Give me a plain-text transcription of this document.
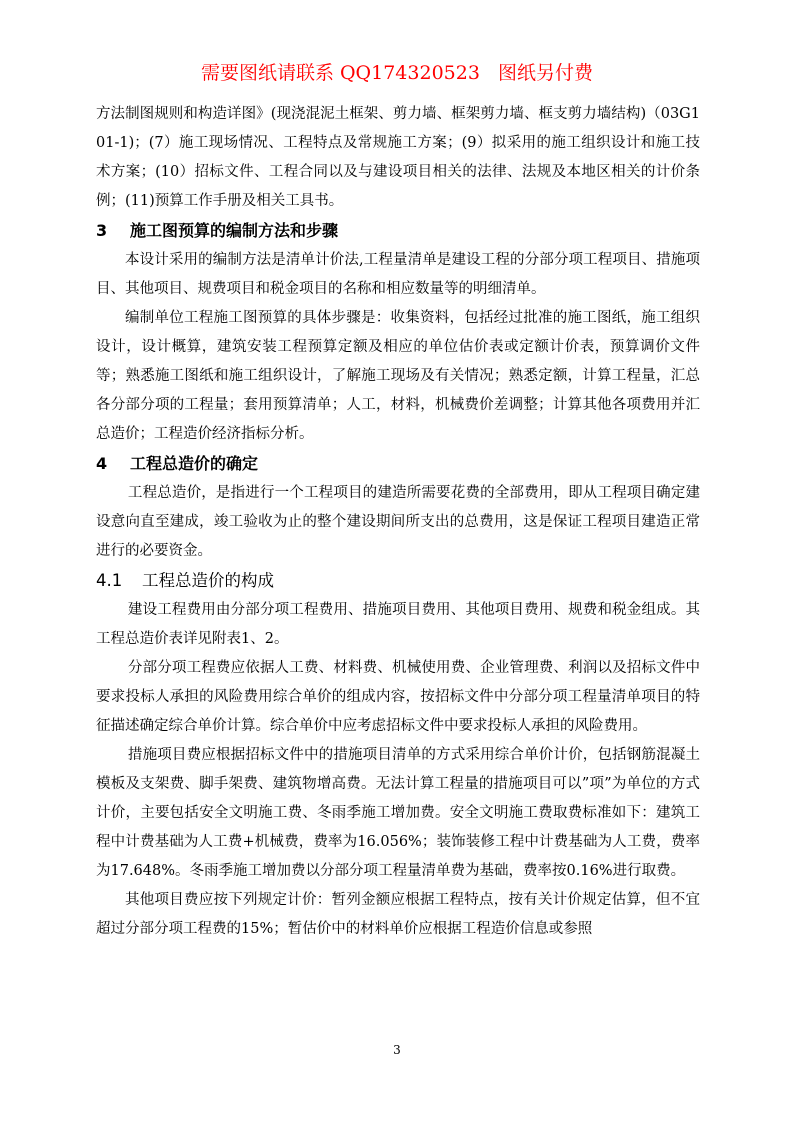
需要图纸请联系 QQ174320523   图纸另付费

方法制图规则和构造详图》(现浇混泥土框架、剪力墙、框架剪力墙、框支剪力墙结构)（03G101-1)；(7）施工现场情况、工程特点及常规施工方案；(9）拟采用的施工组织设计和施工技术方案；(10）招标文件、工程合同以及与建设项目相关的法律、法规及本地区相关的计价条例；(11)预算工作手册及相关工具书。

3 施工图预算的编制方法和步骤

本设计采用的编制方法是清单计价法,工程量清单是建设工程的分部分项工程项目、措施项目、其他项目、规费项目和税金项目的名称和相应数量等的明细清单。

编制单位工程施工图预算的具体步骤是：收集资料，包括经过批准的施工图纸，施工组织设计，设计概算，建筑安装工程预算定额及相应的单位估价表或定额计价表，预算调价文件等；熟悉施工图纸和施工组织设计，了解施工现场及有关情况；熟悉定额，计算工程量，汇总各分部分项的工程量；套用预算清单；人工，材料，机械费价差调整；计算其他各项费用并汇总造价；工程造价经济指标分析。

4 工程总造价的确定

工程总造价，是指进行一个工程项目的建造所需要花费的全部费用，即从工程项目确定建设意向直至建成，竣工验收为止的整个建设期间所支出的总费用，这是保证工程项目建造正常进行的必要资金。

4.1 工程总造价的构成

建设工程费用由分部分项工程费用、措施项目费用、其他项目费用、规费和税金组成。其工程总造价表详见附表1、2。

分部分项工程费应依据人工费、材料费、机械使用费、企业管理费、利润以及招标文件中要求投标人承担的风险费用综合单价的组成内容，按招标文件中分部分项工程量清单项目的特征描述确定综合单价计算。综合单价中应考虑招标文件中要求投标人承担的风险费用。

措施项目费应根据招标文件中的措施项目清单的方式采用综合单价计价，包括钢筋混凝土模板及支架费、脚手架费、建筑物增高费。无法计算工程量的措施项目可以”项”为单位的方式计价，主要包括安全文明施工费、冬雨季施工增加费。安全文明施工费取费标准如下：建筑工程中计费基础为人工费+机械费，费率为16.056%；装饰装修工程中计费基础为人工费，费率为17.648%。冬雨季施工增加费以分部分项工程量清单费为基础，费率按0.16%进行取费。

其他项目费应按下列规定计价：暂列金额应根据工程特点，按有关计价规定估算，但不宜超过分部分项工程费的15%；暂估价中的材料单价应根据工程造价信息或参照

3
